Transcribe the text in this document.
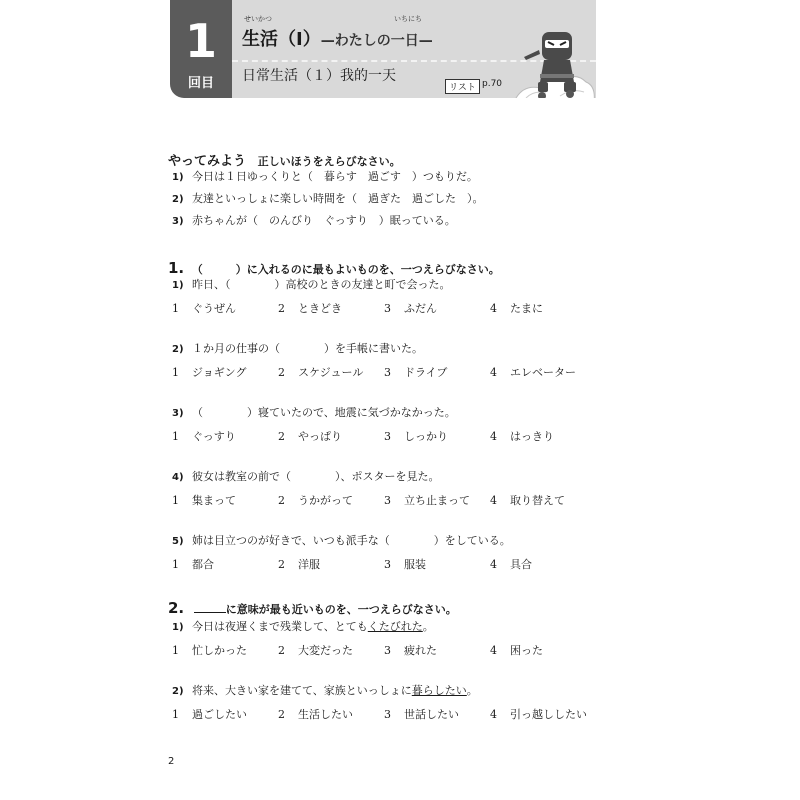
1
回目
せいかつ	いちにち
生活（Ⅰ）—わたしの一日—
日常生活（１）我的一天
リスト p.70
やってみよう 正しいほうをえらびなさい。
1) 今日は１日ゆっくりと（　暮らす　過ごす　）つもりだ。
2) 友達といっしょに楽しい時間を（　過ぎた　過ごした　）。
3) 赤ちゃんが（　のんびり　ぐっすり　）眠っている。
1. （　　　）に入れるのに最もよいものを、一つえらびなさい。
1) 昨日、（　　　　）高校のときの友達と町で会った。
1 ぐうぜん	2 ときどき	3 ふだん	4 たまに
2) １か月の仕事の（　　　　）を手帳に書いた。
1 ジョギング	2 スケジュール 3 ドライブ	4 エレベーター
3) （　　　　）寝ていたので、地震に気づかなかった。
1 ぐっすり	2 やっぱり	3 しっかり	4 はっきり
4) 彼女は教室の前で（　　　　）、ポスターを見た。
1 集まって	2 うかがって	3 立ち止まって 4 取り替えて
5) 姉は目立つのが好きで、いつも派手な（　　　　）をしている。
1 都合	2 洋服	3 服装	4 具合
2.	に意味が最も近いものを、一つえらびなさい。
1) 今日は夜遅くまで残業して、とてもくたびれた。
1 忙しかった	2 大変だった	3 疲れた	4 困った
2) 将来、大きい家を建てて、家族といっしょに暮らしたい。
1 過ごしたい	2 生活したい	3 世話したい	4 引っ越ししたい
2
